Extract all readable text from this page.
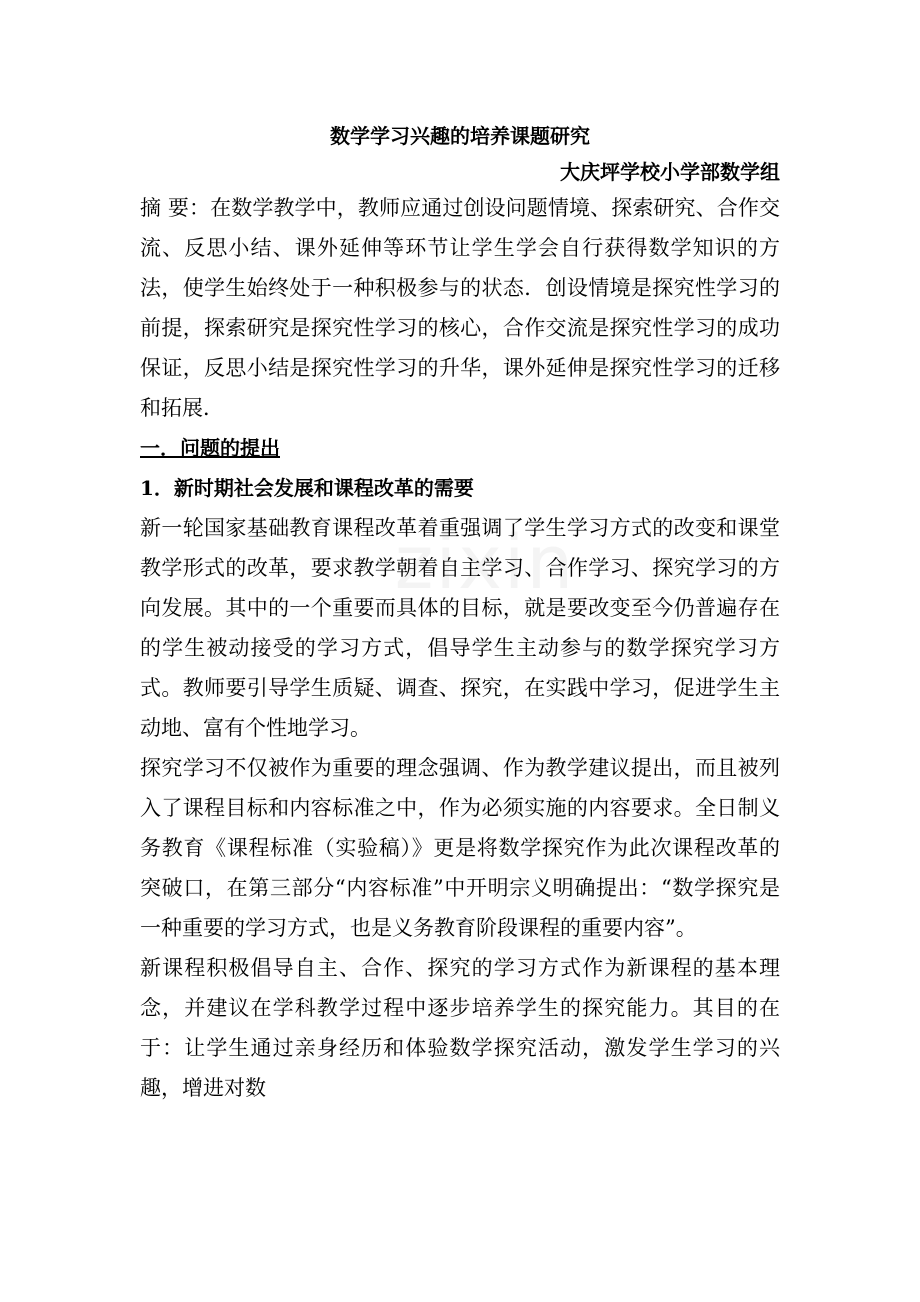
zixin
数学学习兴趣的培养课题研究
大庆坪学校小学部数学组

摘 要：在数学教学中，教师应通过创设问题情境、探索研究、合作交流、反思小结、课外延伸等环节让学生学会自行获得数学知识的方法，使学生始终处于一种积极参与的状态．创设情境是探究性学习的前提，探索研究是探究性学习的核心，合作交流是探究性学习的成功保证，反思小结是探究性学习的升华，课外延伸是探究性学习的迁移和拓展．

一．问题的提出

1．新时期社会发展和课程改革的需要

新一轮国家基础教育课程改革着重强调了学生学习方式的改变和课堂教学形式的改革，要求教学朝着自主学习、合作学习、探究学习的方向发展。其中的一个重要而具体的目标，就是要改变至今仍普遍存在的学生被动接受的学习方式，倡导学生主动参与的数学探究学习方式。教师要引导学生质疑、调查、探究，在实践中学习，促进学生主动地、富有个性地学习。

探究学习不仅被作为重要的理念强调、作为教学建议提出，而且被列入了课程目标和内容标准之中，作为必须实施的内容要求。全日制义务教育《课程标准（实验稿）》更是将数学探究作为此次课程改革的突破口，在第三部分“内容标准”中开明宗义明确提出：“数学探究是一种重要的学习方式，也是义务教育阶段课程的重要内容”。

新课程积极倡导自主、合作、探究的学习方式作为新课程的基本理念，并建议在学科教学过程中逐步培养学生的探究能力。其目的在于：让学生通过亲身经历和体验数学探究活动，激发学生学习的兴趣，增进对数
